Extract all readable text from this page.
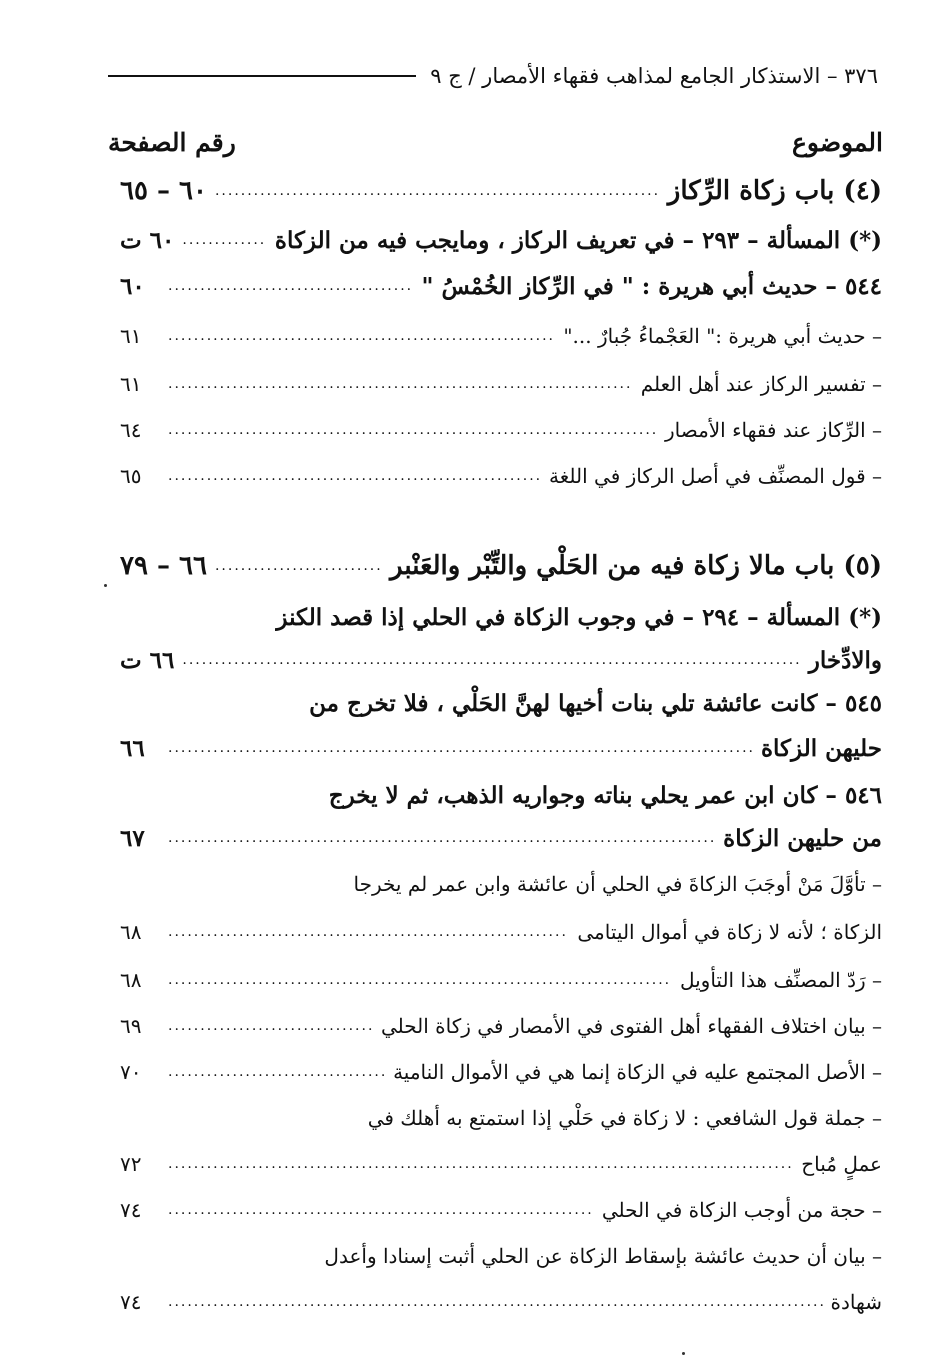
٣٧٦ – الاستذكار الجامع لمذاهب فقهاء الأمصار / ج ٩
الموضوع
رقم الصفحة
(٤) باب زكاة الرِّكاز
.....
٦٠ – ٦٥
(*) المسألة – ٢٩٣ – في تعريف الركاز ، ومايجب فيه من الزكاة
.....
٦٠ ت
٥٤٤ – حديث أبي هريرة : " في الرِّكاز الخُمْسُ "
.....
٦٠
– حديث أبي هريرة :" العَجْماءُ جُبارٌ ..."
.....
٦١
– تفسير الركاز عند أهل العلم
.....
٦١
– الرِّكاز عند فقهاء الأمصار
.....
٦٤
– قول المصنِّف في أصل الركاز في اللغة
.....
٦٥
(٥) باب مالا زكاة فيه من الحَلْي والتِّبْر والعَنْبر
.....
٦٦ – ٧٩
(*) المسألة – ٢٩٤ – في وجوب الزكاة في الحلي إذا قصد الكنز
والادِّخار
.....
٦٦ ت
٥٤٥ – كانت عائشة تلي بنات أخيها لهنَّ الحَلْي ، فلا تخرج من
حليهن الزكاة
.....
٦٦
٥٤٦ – كان ابن عمر يحلي بناته وجواريه الذهب، ثم لا يخرج
من حليهن الزكاة
.....
٦٧
– تأوَّلَ مَنْ أوجَبَ الزكاةَ في الحلي أن عائشة وابن عمر لم يخرجا
الزكاة ؛ لأنه لا زكاة في أموال اليتامى
.....
٦٨
– رَدّ المصنِّف هذا التأويل
.....
٦٨
– بيان اختلاف الفقهاء أهل الفتوى في الأمصار في زكاة الحلي
.....
٦٩
– الأصل المجتمع عليه في الزكاة إنما هي في الأموال النامية
.....
٧٠
– جملة قول الشافعي : لا زكاة في حَلْي إذا استمتع به أهلك في
عملٍ مُباح
.....
٧٢
– حجة من أوجب الزكاة في الحلي
.....
٧٤
– بيان أن حديث عائشة بإسقاط الزكاة عن الحلي أثبت إسنادا وأعدل
شهادة
.....
٧٤
